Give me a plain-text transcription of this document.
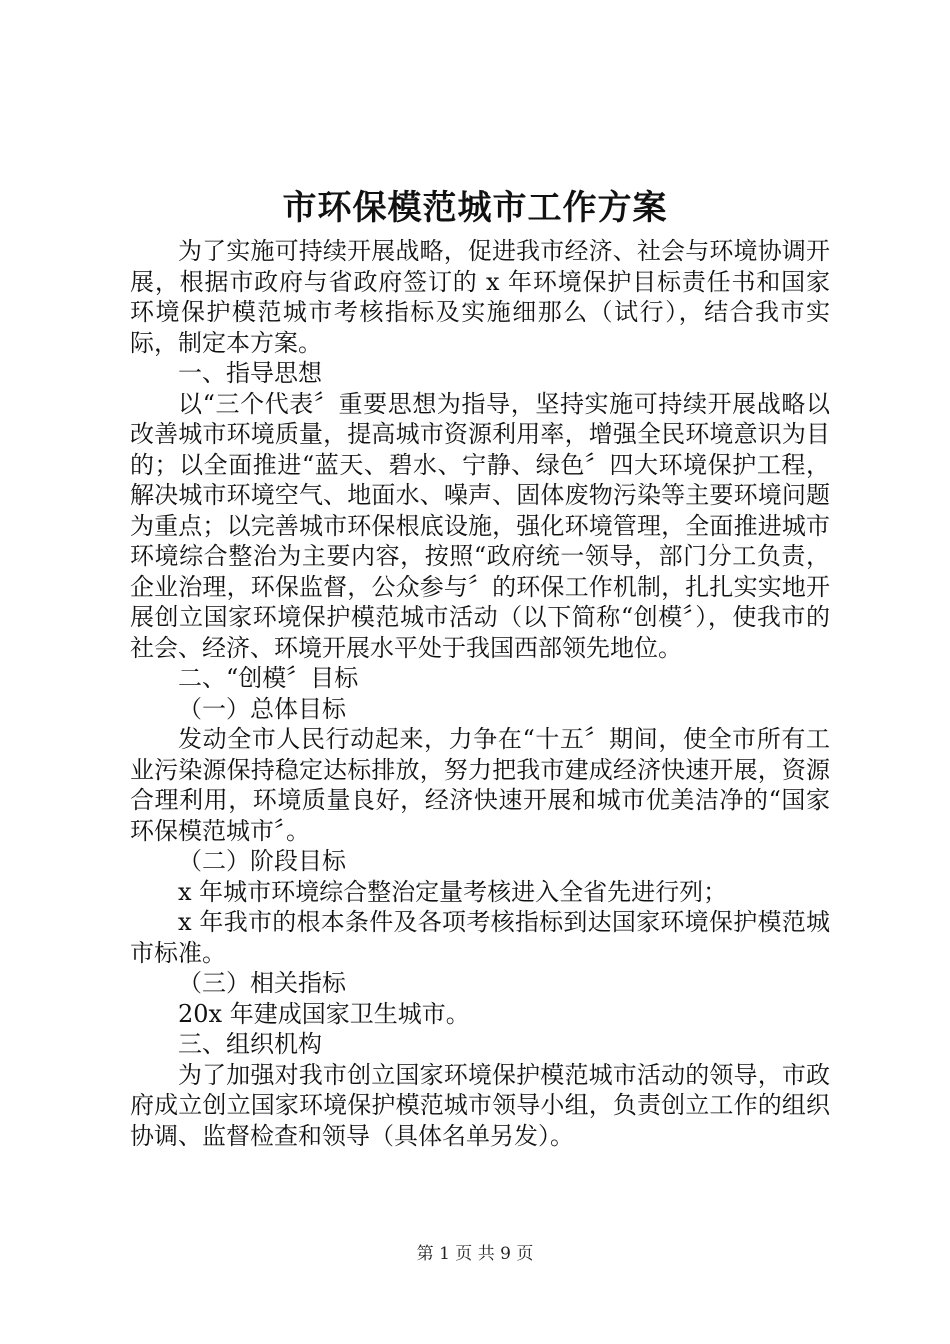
市环保模范城市工作方案

为了实施可持续开展战略，促进我市经济、社会与环境协调开展，根据市政府与省政府签订的 x 年环境保护目标责任书和国家环境保护模范城市考核指标及实施细那么（试行），结合我市实际，制定本方案。

一、指导思想

以“三个代表〞重要思想为指导，坚持实施可持续开展战略以改善城市环境质量，提高城市资源利用率，增强全民环境意识为目的；以全面推进“蓝天、碧水、宁静、绿色〞四大环境保护工程，解决城市环境空气、地面水、噪声、固体废物污染等主要环境问题为重点；以完善城市环保根底设施，强化环境管理，全面推进城市环境综合整治为主要内容，按照“政府统一领导，部门分工负责，企业治理，环保监督，公众参与〞的环保工作机制，扎扎实实地开展创立国家环境保护模范城市活动（以下简称“创模〞），使我市的社会、经济、环境开展水平处于我国西部领先地位。

二、“创模〞目标

（一）总体目标

发动全市人民行动起来，力争在“十五〞期间，使全市所有工业污染源保持稳定达标排放，努力把我市建成经济快速开展，资源合理利用，环境质量良好，经济快速开展和城市优美洁净的“国家环保模范城市〞。

（二）阶段目标

x 年城市环境综合整治定量考核进入全省先进行列；

x 年我市的根本条件及各项考核指标到达国家环境保护模范城市标准。

（三）相关指标

20x 年建成国家卫生城市。

三、组织机构

为了加强对我市创立国家环境保护模范城市活动的领导，市政府成立创立国家环境保护模范城市领导小组，负责创立工作的组织协调、监督检查和领导（具体名单另发）。

第 1 页 共 9 页
